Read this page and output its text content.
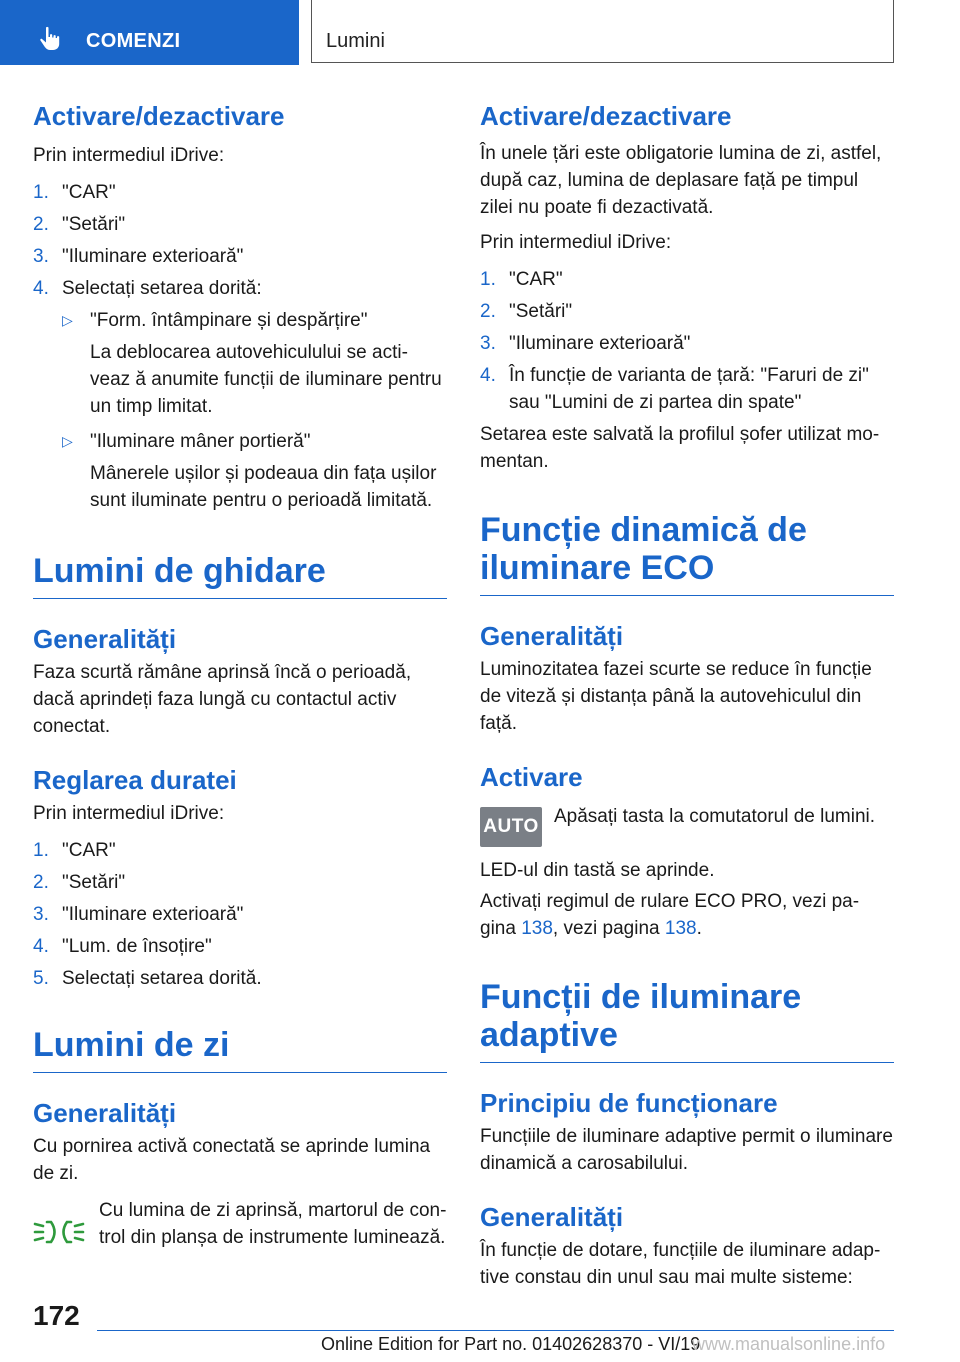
COMENZI	Lumini
Activare/dezactivare

Prin intermediul iDrive:

1. "CAR"
2. "Setări"
3. "Iluminare exterioară"
4. Selectați setarea dorită:
▷ "Form. întâmpinare și despărțire"
La deblocarea autovehiculului se acti-veaz ă anumite funcții de iluminare pentru un timp limitat.
▷ "Iluminare mâner portieră"
Mânerele ușilor și podeaua din fața ușilor sunt iluminate pentru o perioadă limitată.
Lumini de ghidare
Generalități

Faza scurtă rămâne aprinsă încă o perioadă, dacă aprindeți faza lungă cu contactul activ conectat.

Reglarea duratei

Prin intermediul iDrive:

1. "CAR"
2. "Setări"
3. "Iluminare exterioară"
4. "Lum. de însoțire"
5. Selectați setarea dorită.
Lumini de zi
Generalități

Cu pornirea activă conectată se aprinde lumina de zi.

Cu lumina de zi aprinsă, martorul de con-trol din planșa de instrumente luminează.
Activare/dezactivare

În unele țări este obligatorie lumina de zi, astfel, după caz, lumina de deplasare față pe timpul zilei nu poate fi dezactivată.

Prin intermediul iDrive:

1. "CAR"
2. "Setări"
3. "Iluminare exterioară"
4. În funcție de varianta de țară: "Faruri de zi" sau "Lumini de zi partea din spate"

Setarea este salvată la profilul șofer utilizat mo-mentan.

Funcție dinamică de iluminare ECO
Generalități

Luminozitatea fazei scurte se reduce în funcție de viteză și distanța până la autovehiculul din față.

Activare
AUTO Apăsați tasta la comutatorul de lumini.

LED-ul din tastă se aprinde.

Activați regimul de rulare ECO PRO, vezi pa-gina 138, vezi pagina 138.

Funcții de iluminare adaptive
Principiu de funcționare

Funcțiile de iluminare adaptive permit o iluminare dinamică a carosabilului.

Generalități

În funcție de dotare, funcțiile de iluminare adap-tive constau din unul sau mai multe sisteme:

172
Online Edition for Part no. 01402628370 - VI/19
www.manualsonline.info
